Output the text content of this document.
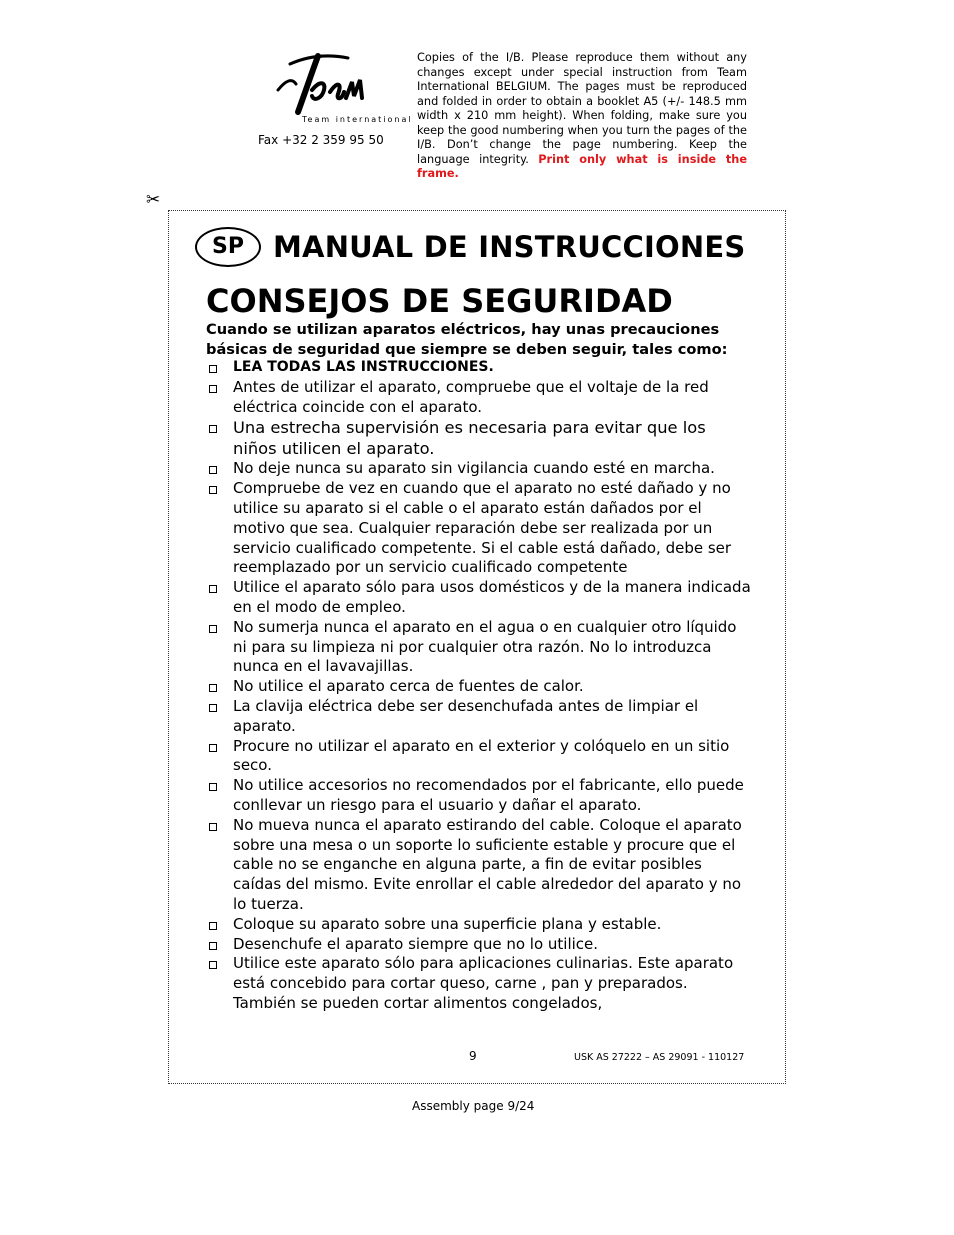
Team international
Fax +32 2 359 95 50
Copies of the I/B. Please reproduce them without any changes except under special instruction from Team International BELGIUM. The pages must be reproduced and folded in order to obtain a booklet A5 (+/- 148.5 mm width x 210 mm height). When folding, make sure you keep the good numbering when you turn the pages of the I/B. Don’t change the page numbering. Keep the language integrity. Print only what is inside the frame.
✂
SP	MANUAL DE INSTRUCCIONES
CONSEJOS DE SEGURIDAD

Cuando se utilizan aparatos eléctricos, hay unas precauciones básicas de seguridad que siempre se deben seguir, tales como:

LEA TODAS LAS INSTRUCCIONES.
Antes de utilizar el aparato, compruebe que el voltaje de la red eléctrica coincide con el aparato.
Una estrecha supervisión es necesaria para evitar que los niños utilicen el aparato.
No deje nunca su aparato sin vigilancia cuando esté en marcha.
Compruebe de vez en cuando que el aparato no esté dañado y no utilice su aparato si el cable o el aparato están dañados por el motivo que sea. Cualquier reparación debe ser realizada por un servicio cualificado competente. Si el cable está dañado, debe ser reemplazado por un servicio cualificado competente
Utilice el aparato sólo para usos domésticos y de la manera indicada en el modo de empleo.
No sumerja nunca el aparato en el agua o en cualquier otro líquido ni para su limpieza ni por cualquier otra razón. No lo introduzca nunca en el lavavajillas.
No utilice el aparato cerca de fuentes de calor.
La clavija eléctrica debe ser desenchufada antes de limpiar el aparato.
Procure no utilizar el aparato en el exterior y colóquelo en un sitio seco.
No utilice accesorios no recomendados por el fabricante, ello puede conllevar un riesgo para el usuario y dañar el aparato.
No mueva nunca el aparato estirando del cable. Coloque el aparato sobre una mesa o un soporte lo suficiente estable y procure que el cable no se enganche en alguna parte, a fin de evitar posibles caídas del mismo. Evite enrollar el cable alrededor del aparato y no lo tuerza.
Coloque su aparato sobre una superficie plana y estable.
Desenchufe el aparato siempre que no lo utilice.
Utilice este aparato sólo para aplicaciones culinarias. Este aparato está concebido para cortar queso, carne , pan y preparados. También se pueden cortar alimentos congelados,
9	USK AS 27222 – AS 29091 - 110127
Assembly page 9/24
